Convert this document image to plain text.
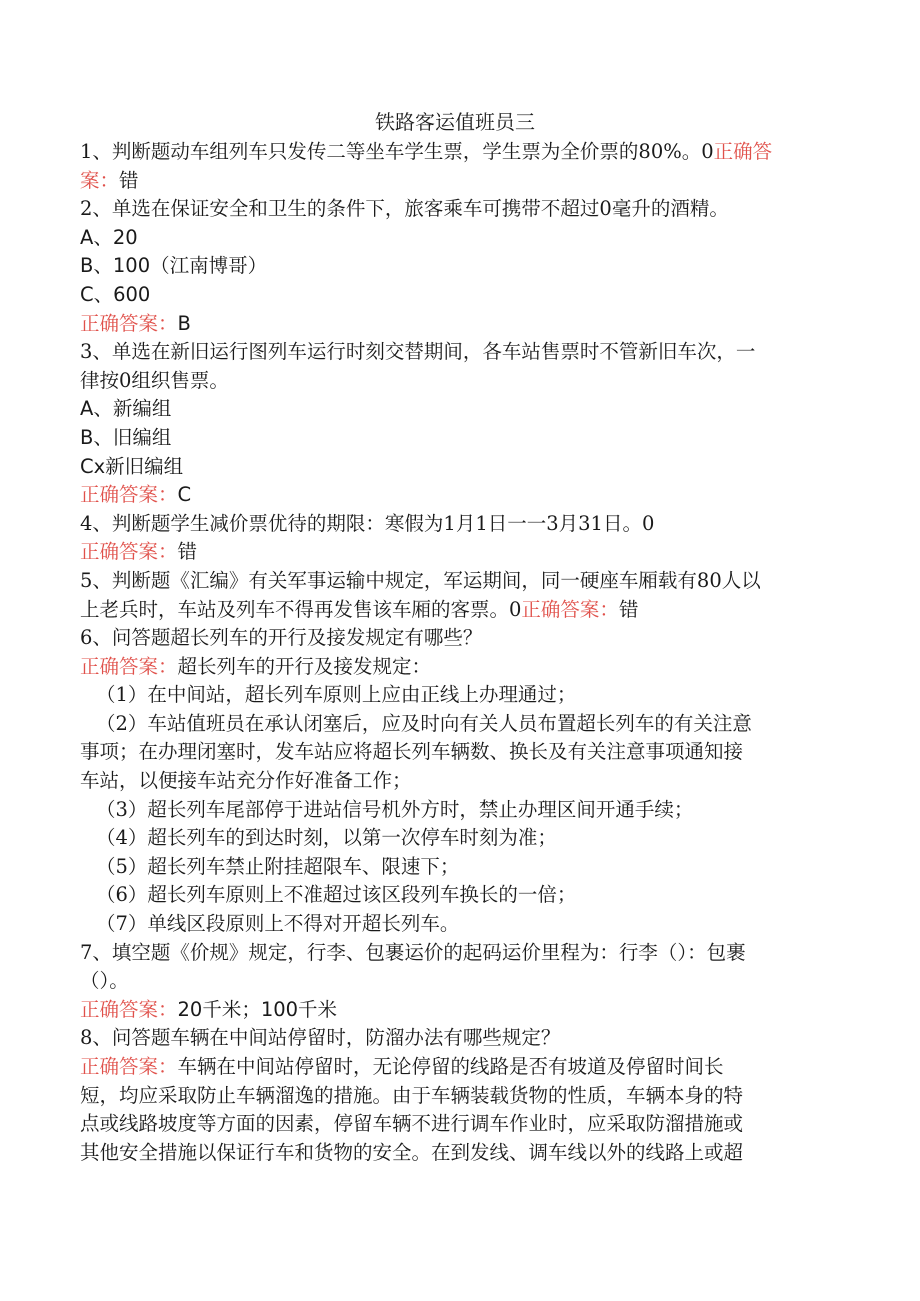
铁路客运值班员三

1、判断题动车组列车只发传二等坐车学生票，学生票为全价票的80%。0正确答

案：错

2、单选在保证安全和卫生的条件下，旅客乘车可携带不超过0毫升的酒精。

A、20

B、100（江南博哥）

C、600

正确答案：B

3、单选在新旧运行图列车运行时刻交替期间，各车站售票时不管新旧车次，一

律按0组织售票。

A、新编组

B、旧编组

Cx新旧编组

正确答案：C

4、判断题学生减价票优待的期限：寒假为1月1日一一3月31日。0

正确答案：错

5、判断题《汇编》有关军事运输中规定，军运期间，同一硬座车厢载有80人以

上老兵时，车站及列车不得再发售该车厢的客票。0正确答案：错

6、问答题超长列车的开行及接发规定有哪些？

正确答案：超长列车的开行及接发规定：

（1）在中间站，超长列车原则上应由正线上办理通过；

（2）车站值班员在承认闭塞后，应及时向有关人员布置超长列车的有关注意

事项；在办理闭塞时，发车站应将超长列车辆数、换长及有关注意事项通知接

车站，以便接车站充分作好准备工作；

（3）超长列车尾部停于进站信号机外方时，禁止办理区间开通手续；

（4）超长列车的到达时刻，以第一次停车时刻为准；

（5）超长列车禁止附挂超限车、限速下；

（6）超长列车原则上不准超过该区段列车换长的一倍；

（7）单线区段原则上不得对开超长列车。

7、填空题《价规》规定，行李、包裹运价的起码运价里程为：行李（）：包裹

（）。

正确答案：20千米；100千米

8、问答题车辆在中间站停留时，防溜办法有哪些规定？

正确答案：车辆在中间站停留时，无论停留的线路是否有坡道及停留时间长

短，均应采取防止车辆溜逸的措施。由于车辆装载货物的性质，车辆本身的特

点或线路坡度等方面的因素，停留车辆不进行调车作业时，应采取防溜措施或

其他安全措施以保证行车和货物的安全。在到发线、调车线以外的线路上或超
